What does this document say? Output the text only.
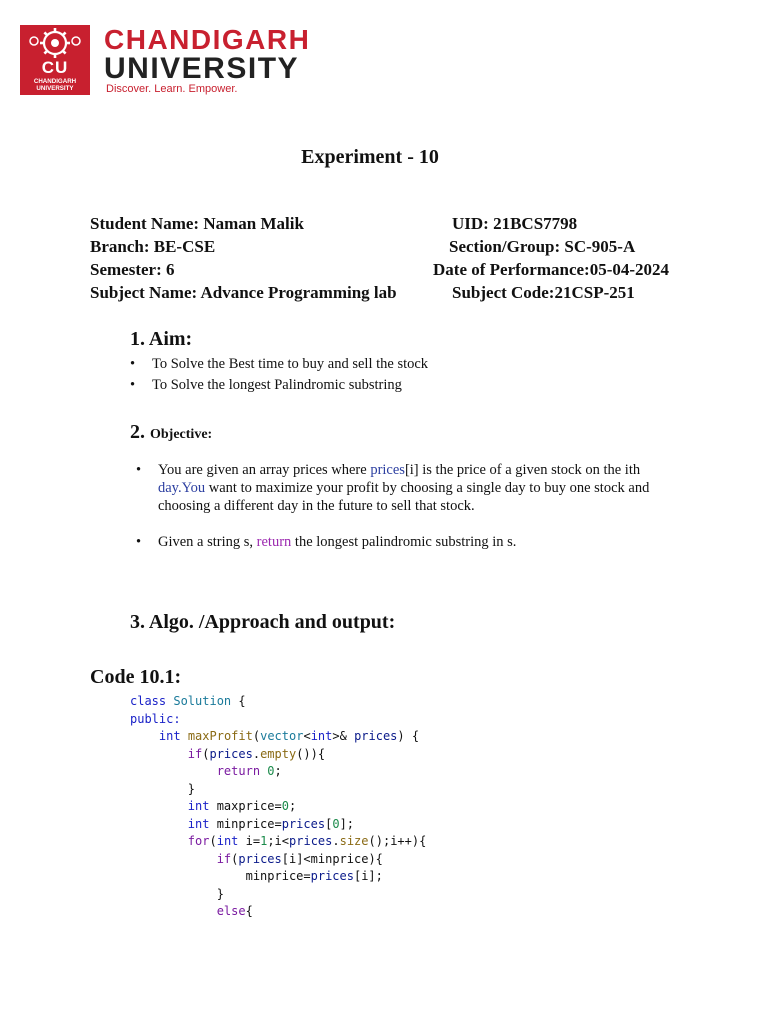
CU
CHANDIGARH
UNIVERSITY
CHANDIGARH
UNIVERSITY
Discover. Learn. Empower.
Experiment - 10
Student Name: Naman Malik	UID: 21BCS7798
Branch: BE-CSE	Section/Group: SC-905-A
Semester: 6	Date of Performance:05-04-2024
Subject Name: Advance Programming lab	Subject Code:21CSP-251
1. Aim:
• To Solve the Best time to buy and sell the stock
• To Solve the longest Palindromic substring
2. Objective:
• You are given an array prices where prices[i] is the price of a given stock on the ith
day.You want to maximize your profit by choosing a single day to buy one stock and
choosing a different day in the future to sell that stock.
• Given a string s, return the longest palindromic substring in s.
3. Algo. /Approach and output:
Code 10.1:
class Solution {
public:
int maxProfit(vector<int>& prices) {
if(prices.empty()){
return 0;
}
int maxprice=0;
int minprice=prices[0];
for(int i=1;i<prices.size();i++){
if(prices[i]<minprice){
minprice=prices[i];
}
else{
